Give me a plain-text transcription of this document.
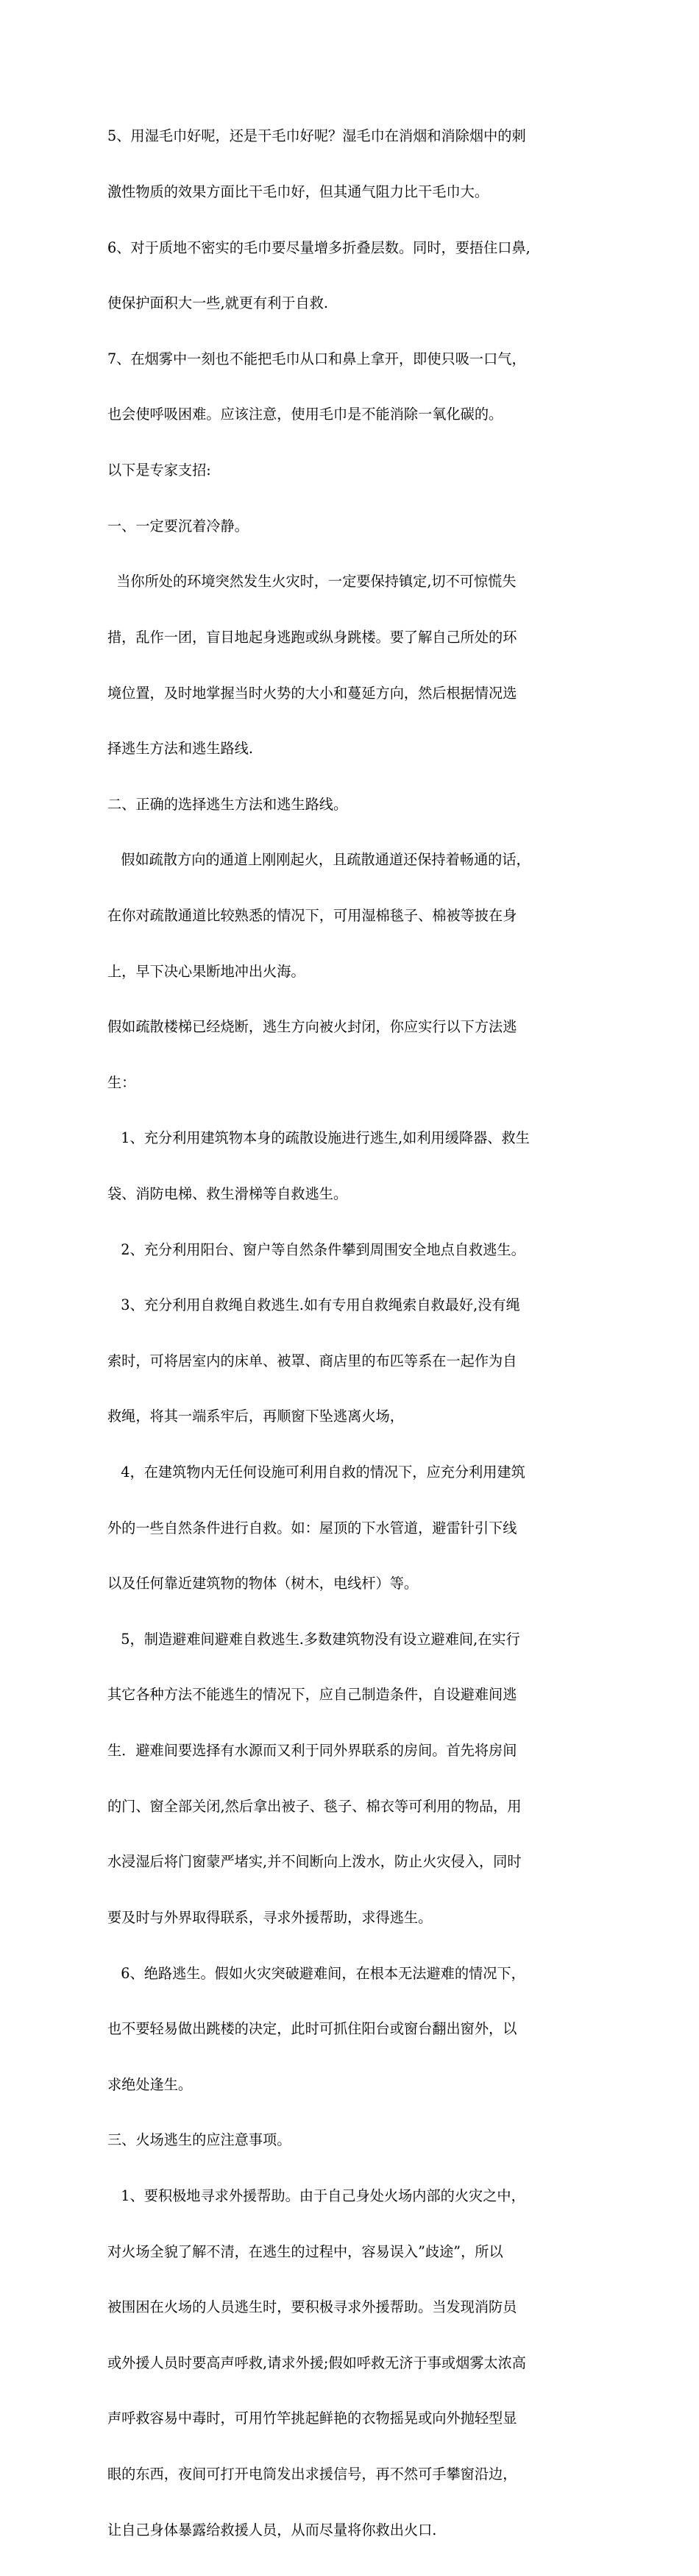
5、用湿毛巾好呢，还是干毛巾好呢？湿毛巾在消烟和消除烟中的刺

激性物质的效果方面比干毛巾好，但其通气阻力比干毛巾大。

6、对于质地不密实的毛巾要尽量增多折叠层数。同时，要捂住口鼻,

使保护面积大一些,就更有利于自救.

7、在烟雾中一刻也不能把毛巾从口和鼻上拿开，即使只吸一口气，

也会使呼吸困难。应该注意，使用毛巾是不能消除一氧化碳的。

以下是专家支招:

一、一定要沉着冷静。

当你所处的环境突然发生火灾时，一定要保持镇定,切不可惊慌失

措，乱作一团，盲目地起身逃跑或纵身跳楼。要了解自己所处的环

境位置，及时地掌握当时火势的大小和蔓延方向，然后根据情况选

择逃生方法和逃生路线.

二、正确的选择逃生方法和逃生路线。

假如疏散方向的通道上刚刚起火，且疏散通道还保持着畅通的话，

在你对疏散通道比较熟悉的情况下，可用湿棉毯子、棉被等披在身

上，早下决心果断地冲出火海。

假如疏散楼梯已经烧断，逃生方向被火封闭，你应实行以下方法逃

生：

1、充分利用建筑物本身的疏散设施进行逃生,如利用缓降器、救生

袋、消防电梯、救生滑梯等自救逃生。

2、充分利用阳台、窗户等自然条件攀到周围安全地点自救逃生。

3、充分利用自救绳自救逃生.如有专用自救绳索自救最好,没有绳

索时，可将居室内的床单、被罩、商店里的布匹等系在一起作为自

救绳，将其一端系牢后，再顺窗下坠逃离火场，

4，在建筑物内无任何设施可利用自救的情况下，应充分利用建筑

外的一些自然条件进行自救。如：屋顶的下水管道，避雷针引下线

以及任何靠近建筑物的物体（树木，电线杆）等。

5，制造避难间避难自救逃生.多数建筑物没有设立避难间,在实行

其它各种方法不能逃生的情况下，应自己制造条件，自设避难间逃

生．避难间要选择有水源而又利于同外界联系的房间。首先将房间

的门、窗全部关闭,然后拿出被子、毯子、棉衣等可利用的物品，用

水浸湿后将门窗蒙严堵实,并不间断向上泼水，防止火灾侵入，同时

要及时与外界取得联系，寻求外援帮助，求得逃生。

6、绝路逃生。假如火灾突破避难间，在根本无法避难的情况下，

也不要轻易做出跳楼的决定，此时可抓住阳台或窗台翻出窗外，以

求绝处逢生。

三、火场逃生的应注意事项。

1、要积极地寻求外援帮助。由于自己身处火场内部的火灾之中，

对火场全貌了解不清，在逃生的过程中，容易误入”歧途”，所以

被围困在火场的人员逃生时，要积极寻求外援帮助。当发现消防员

或外援人员时要高声呼救,请求外援;假如呼救无济于事或烟雾太浓高

声呼救容易中毒时，可用竹竿挑起鲜艳的衣物摇晃或向外抛轻型显

眼的东西，夜间可打开电筒发出求援信号，再不然可手攀窗沿边，

让自己身体暴露给救援人员，从而尽量将你救出火口.
